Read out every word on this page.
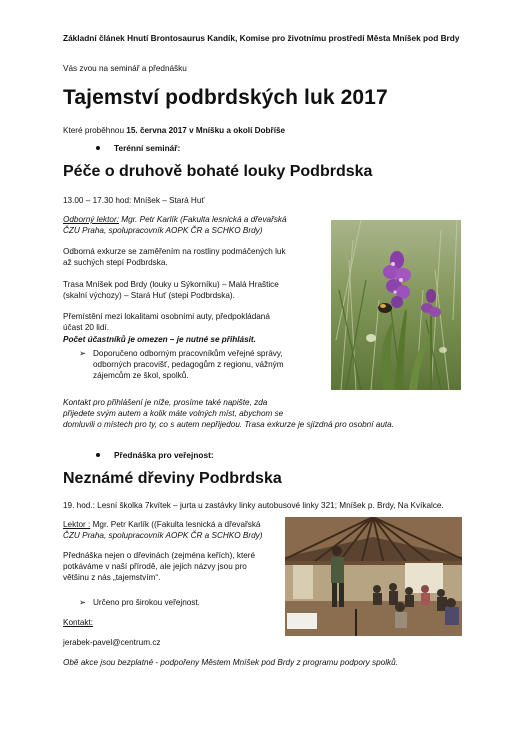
Základní článek Hnutí Brontosaurus Kandík, Komise pro životnímu prostředí Města Mníšek pod Brdy
Vás zvou na seminář a přednášku
Tajemství podbrdských luk 2017
Které proběhnou 15. června 2017 v Mníšku a okolí Dobříše
Terénní seminář:
Péče o druhově bohaté louky Podbrdska
13.00 – 17.30 hod: Mníšek – Stará Huť
Odborný lektor: Mgr. Petr Karlík (Fakulta lesnická a dřevařská
ČZU Praha, spolupracovník AOPK ČR a SCHKO Brdy)
Odborná exkurze se zaměřením na rostliny podmáčených luk
až suchých stepí Podbrdska.
Trasa Mníšek pod Brdy (louky u Sýkorníku) – Malá Hraštice
(skalní výchozy) – Stará Huť (stepi Podbrdska).
Přemístění mezi lokalitami osobními auty, předpokládaná
účast 20 lidí.
Počet účastníků je omezen – je nutné se přihlásit.
➢ Doporučeno odborným pracovníkům veřejné správy,
odborných pracovišť, pedagogům z regionu, vážným
zájemcům ze škol, spolků.
Kontakt pro přihlášení je níže, prosíme také napište, zda
přijedete svým autem a kolik máte volných míst, abychom se
domluvili o místech pro ty, co s autem nepřijedou. Trasa exkurze je sjízdná pro osobní auta.
Přednáška pro veřejnost:
Neznámé dřeviny Podbrdska
19. hod.: Lesní školka 7kvítek – jurta u zastávky linky autobusové linky 321; Mníšek p. Brdy, Na Kvíkalce.
Lektor : Mgr. Petr Karlík ((Fakulta lesnická a dřevařská
ČZU Praha, spolupracovník AOPK ČR a SCHKO Brdy)
Přednáška nejen o dřevinách (zejména keřích), které
potkáváme v naší přírodě, ale jejich názvy jsou pro
většinu z nás „tajemstvím“.
➢ Určeno pro širokou veřejnost.
Kontakt:
jerabek-pavel@centrum.cz
Obě akce jsou bezplatné - podpořeny Městem Mníšek pod Brdy z programu podpory spolků.
